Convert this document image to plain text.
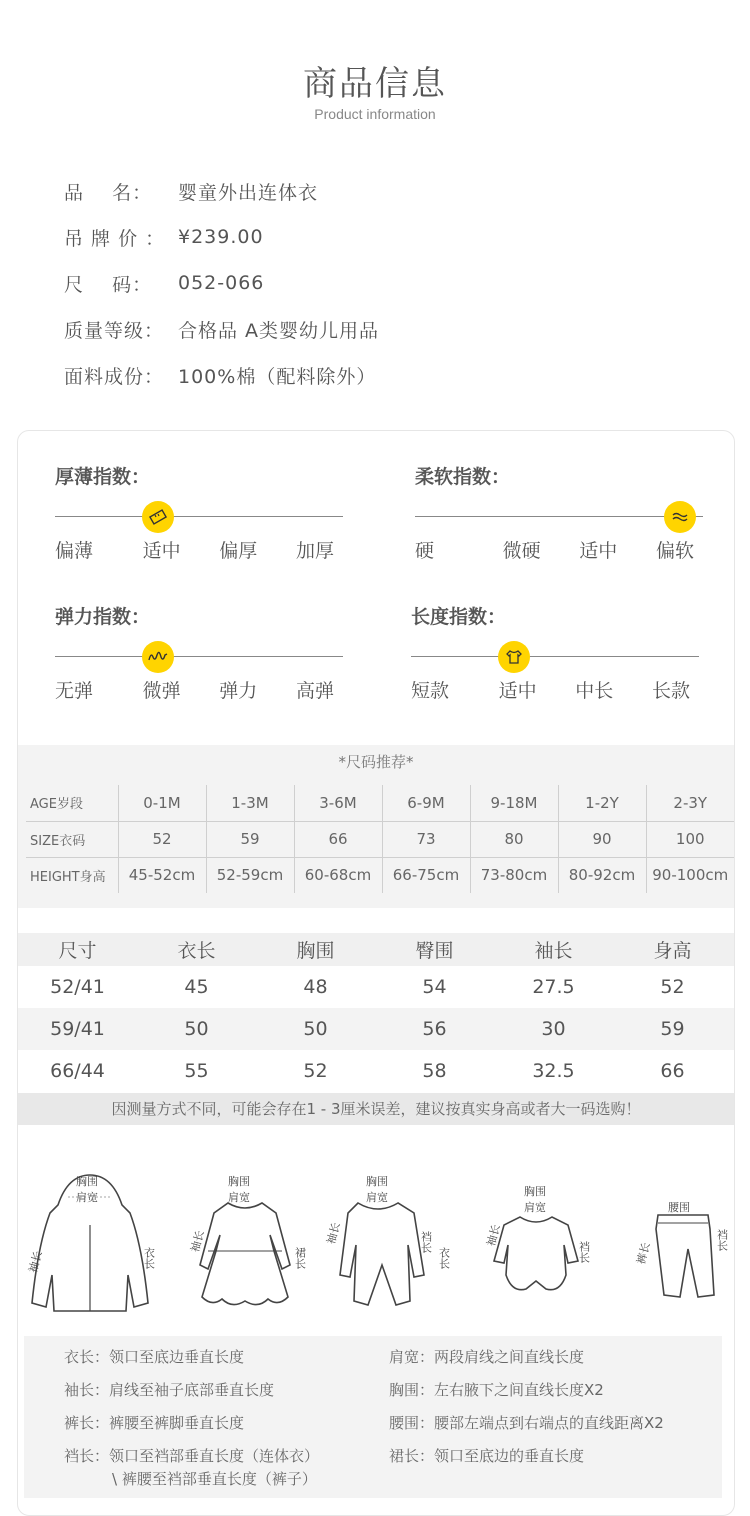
商品信息
Product information
品    名：	婴童外出连体衣
吊 牌 价 ： ¥239.00
尺    码：	052-066
质量等级： 合格品 A类婴幼儿用品
面料成份： 100%棉（配料除外）
厚薄指数：
偏薄	适中	偏厚	加厚
柔软指数：
硬	微硬	适中	偏软
弹力指数：
无弹	微弹	弹力	高弹
长度指数：
短款	适中	中长	长款
*尺码推荐*
AGE岁段	0-1M	1-3M	3-6M	6-9M	9-18M	1-2Y	2-3Y
SIZE衣码	52	59	66	73	80	90	100
HEIGHT身高	45-52cm	52-59cm	60-68cm	66-75cm	73-80cm	80-92cm	90-100cm
尺寸	衣长	胸围	臀围	袖长	身高
52/41	45	48	54	27.5	52
59/41	50	50	56	30	59
66/44	55	52	58	32.5	66
因测量方式不同，可能会存在1 - 3厘米误差，建议按真实身高或者大一码选购！
胸围
肩宽
袖长	衣长
胸围
肩宽
袖长
裙长
胸围
肩宽
袖长	裆长
衣长
胸围
肩宽
袖长
裆长
腰围
裤长
裆长
衣长：领口至底边垂直长度	肩宽：两段肩线之间直线长度
袖长：肩线至袖子底部垂直长度	胸围：左右腋下之间直线长度X2
裤长：裤腰至裤脚垂直长度	腰围：腰部左端点到右端点的直线距离X2
裆长：领口至裆部垂直长度（连体衣）	裙长：领口至底边的垂直长度
\ 裤腰至裆部垂直长度（裤子）
